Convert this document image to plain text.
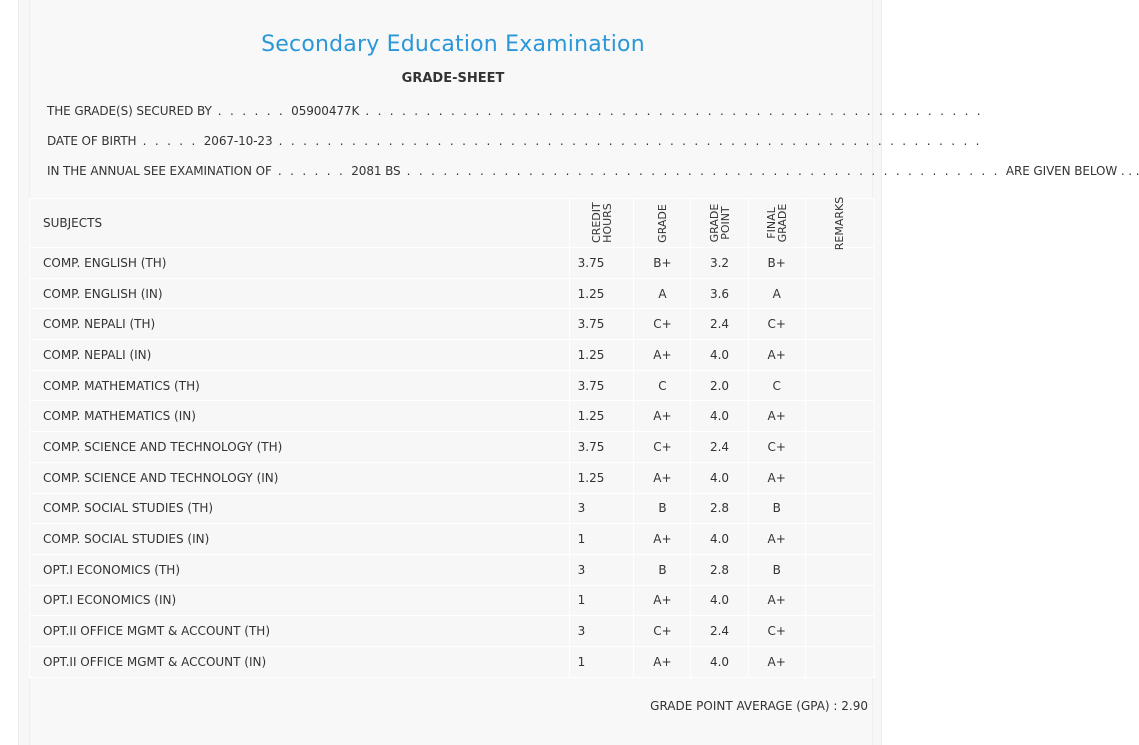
Secondary Education Examination
GRADE-SHEET
THE GRADE(S) SECURED BY . . . . . . 05900477K . . . . . . . . . . . . . . . . . . . . . . . . . . . . . . . . . . . . . . . . . . . . . . . . . . .
DATE OF BIRTH . . . . . 2067-10-23 . . . . . . . . . . . . . . . . . . . . . . . . . . . . . . . . . . . . . . . . . . . . . . . . . . . . . . . . . .
IN THE ANNUAL SEE EXAMINATION OF . . . . . . 2081 BS . . . . . . . . . . . . . . . . . . . . . . . . . . . . . . . . . . . . . . . . . . . . . . . . . ARE GIVEN BELOW . . .
SUBJECTS	CREDIT HOURS	GRADE	GRADE POINT	FINAL GRADE	REMARKS
COMP. ENGLISH (TH)	3.75	B+	3.2	B+	
COMP. ENGLISH (IN)	1.25	A	3.6	A	
COMP. NEPALI (TH)	3.75	C+	2.4	C+	
COMP. NEPALI (IN)	1.25	A+	4.0	A+	
COMP. MATHEMATICS (TH)	3.75	C	2.0	C	
COMP. MATHEMATICS (IN)	1.25	A+	4.0	A+	
COMP. SCIENCE AND TECHNOLOGY (TH)	3.75	C+	2.4	C+	
COMP. SCIENCE AND TECHNOLOGY (IN)	1.25	A+	4.0	A+	
COMP. SOCIAL STUDIES (TH)	3	B	2.8	B	
COMP. SOCIAL STUDIES (IN)	1	A+	4.0	A+	
OPT.I ECONOMICS (TH)	3	B	2.8	B	
OPT.I ECONOMICS (IN)	1	A+	4.0	A+	
OPT.II OFFICE MGMT & ACCOUNT (TH)	3	C+	2.4	C+	
OPT.II OFFICE MGMT & ACCOUNT (IN)	1	A+	4.0	A+	
GRADE POINT AVERAGE (GPA) : 2.90
